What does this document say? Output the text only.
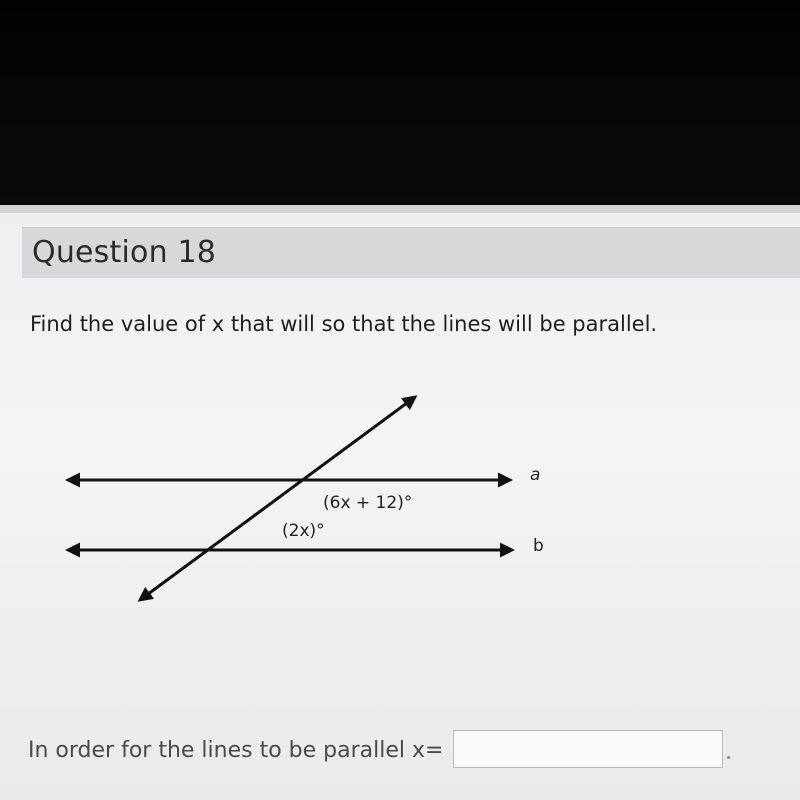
Question 18
Find the value of x that will so that the lines will be parallel.
a
b
(6x + 12)°
(2x)°
In order for the lines to be parallel x=
